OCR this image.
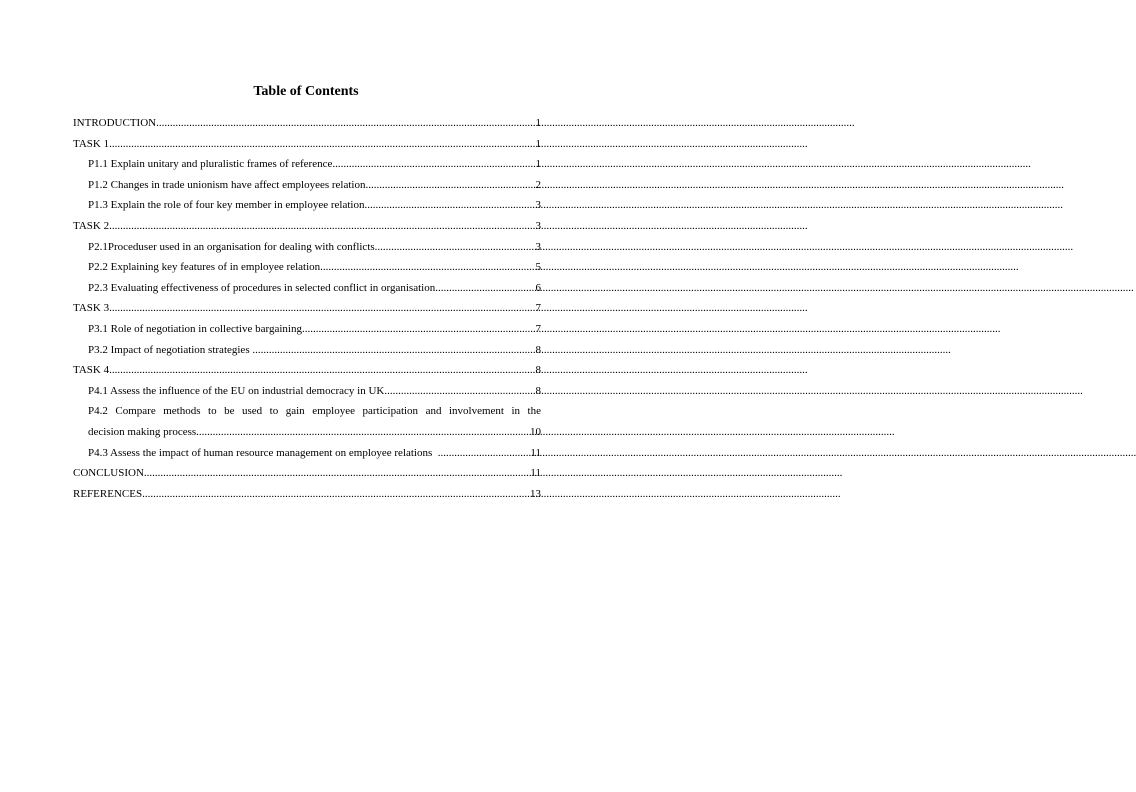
Table of Contents
INTRODUCTION .....	1
TASK 1 .....	1
P1.1 Explain unitary and pluralistic frames of reference .....	1
P1.2 Changes in trade unionism have affect employees relation .....	2
P1.3 Explain the role of four key member in employee relation .....	3
TASK 2 .....	3
P2.1Proceduser used in an organisation for dealing with conflicts .....	3
P2.2 Explaining key features of in employee relation .....	5
P2.3 Evaluating effectiveness of procedures in selected conflict in organisation .....	6
TASK 3 .....	7
P3.1 Role of negotiation in collective bargaining .....	7
P3.2 Impact of negotiation strategies .....	8
TASK 4 .....	8
P4.1 Assess the influence of the EU on industrial democracy in UK .....	8
P4.2 Compare methods to be used to gain employee participation and involvement in the
decision making process .....	10
P4.3 Assess the impact of human resource management on employee relations .....	11
CONCLUSION .....	11
REFERENCES .....	13
